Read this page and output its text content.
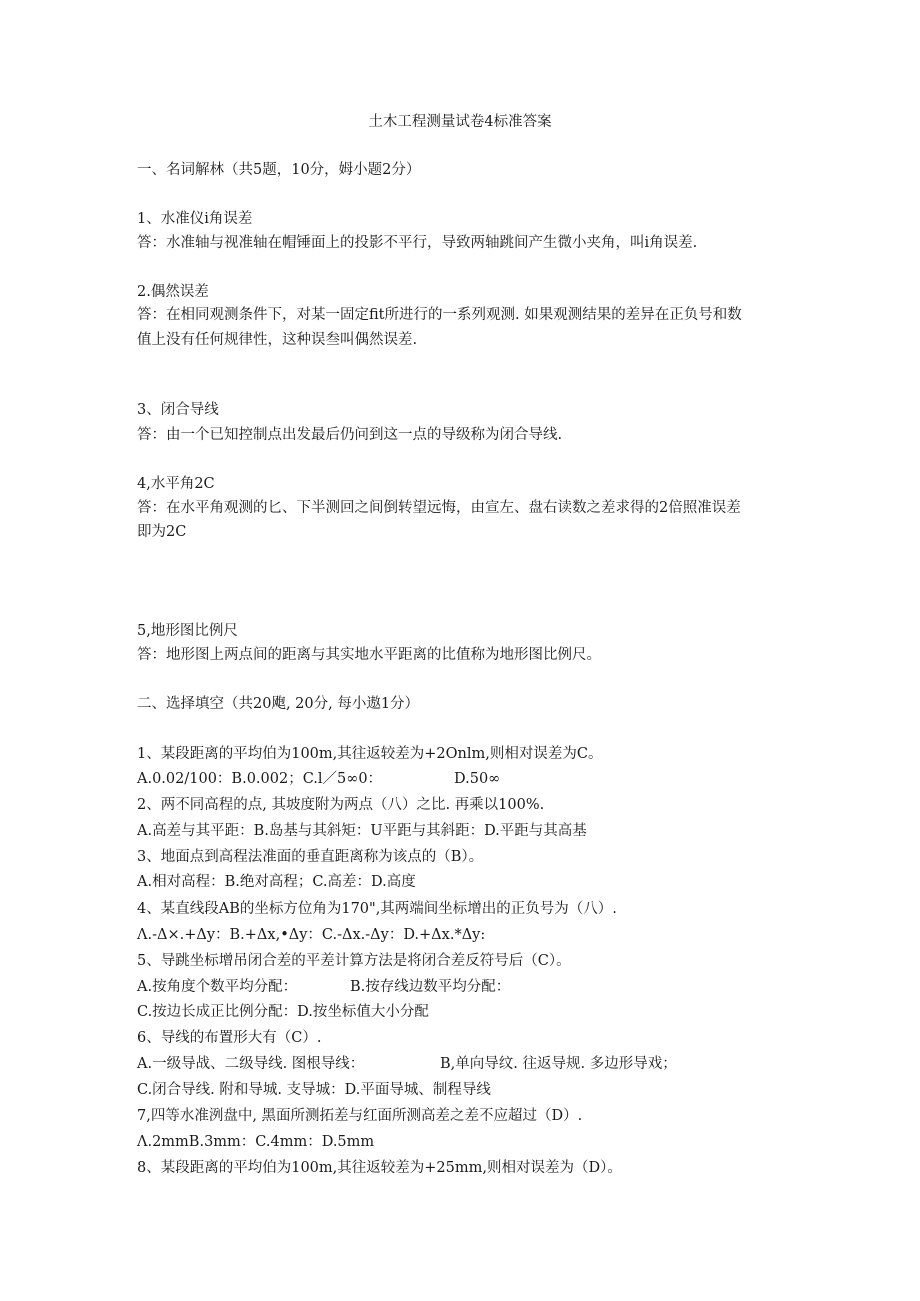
土木工程测量试卷4标准答案
一、名词解林（共5题，10分，姆小题2分）
1、水准仪i角误差
答：水准轴与视准轴在帽锤面上的投影不平行，导致两轴跳间产生微小夹角，叫i角误差.
2.偶然误差
答：在相同观测条件下，对某一固定fit所进行的一系列观测. 如果观测结果的差异在正负号和数
值上没有任何规律性，这种误叁叫偶然误差.
3、闭合导线
答：由一个已知控制点出发最后仍问到这一点的导级称为闭合导线.
4,水平角2C
答：在水平角观测的匕、下半测回之间倒转望远悔，由宣左、盘右读数之差求得的2倍照准误差
即为2C
5,地形图比例尺
答：地形图上两点间的距离与其实地水平距离的比值称为地形图比例尺。
二、选择填空（共20飑, 20分, 每小遨1分）
1、某段距离的平均伯为100m,其往返较差为+2Onlm,则相对误差为C。
A.0.02/100：B.0.002；C.l／5∞0：	D.50∞
2、两不同高程的点, 其坡度附为两点（八）之比. 再乘以100%.
A.高差与其平距：B.岛基与其斜矩：U平距与其斜距：D.平距与其高基
3、地面点到高程法准面的垂直距离称为该点的（B）。
A.相对高程：B.绝对高程；C.高差：D.高度
4、某直线段AB的坐标方位角为170",其两端间坐标增出的正负号为（八）.
Λ.-Δ×.+Δy：B.+Δx,•Δy：C.-Δx.-Δy：D.+Δx.*Δy:
5、导跳坐标增吊闭合差的平差计算方法是将闭合差反符号后（C）。
A.按角度个数平均分配：	B.按存线边数平均分配：
C.按边长成正比例分配：D.按坐标值大小分配
6、导线的布置形大有（C）.
A.一级导战、二级导线. 图根导线：	B,单向导纹. 往返导规. 多边形导戏；
C.闭合导线. 附和导城. 支导城：D.平面导城、制程导线
7,四等水准洌盘中, 黑面所测拓差与红面所测高差之差不应超过（D）.
Λ.2mmB.3mm：C.4mm：D.5mm
8、某段距离的平均伯为100m,其往返较差为+25mm,则相对误差为（D）。
